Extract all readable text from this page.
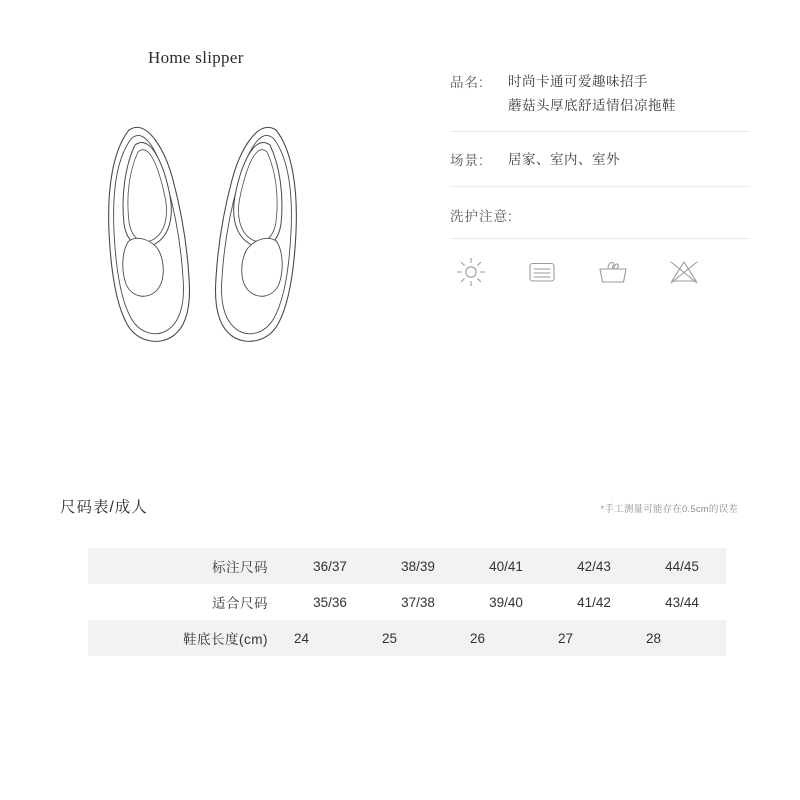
Home slipper
品名:	时尚卡通可爱趣味招手
蘑菇头厚底舒适情侣凉拖鞋
场景:	居家、室内、室外
洗护注意:
尺码表/成人	*手工测量可能存在0.5cm的误差
标注尺码	36/37	38/39	40/41	42/43	44/45
适合尺码	35/36	37/38	39/40	41/42	43/44
鞋底长度(cm)	24	25	26	27	28
